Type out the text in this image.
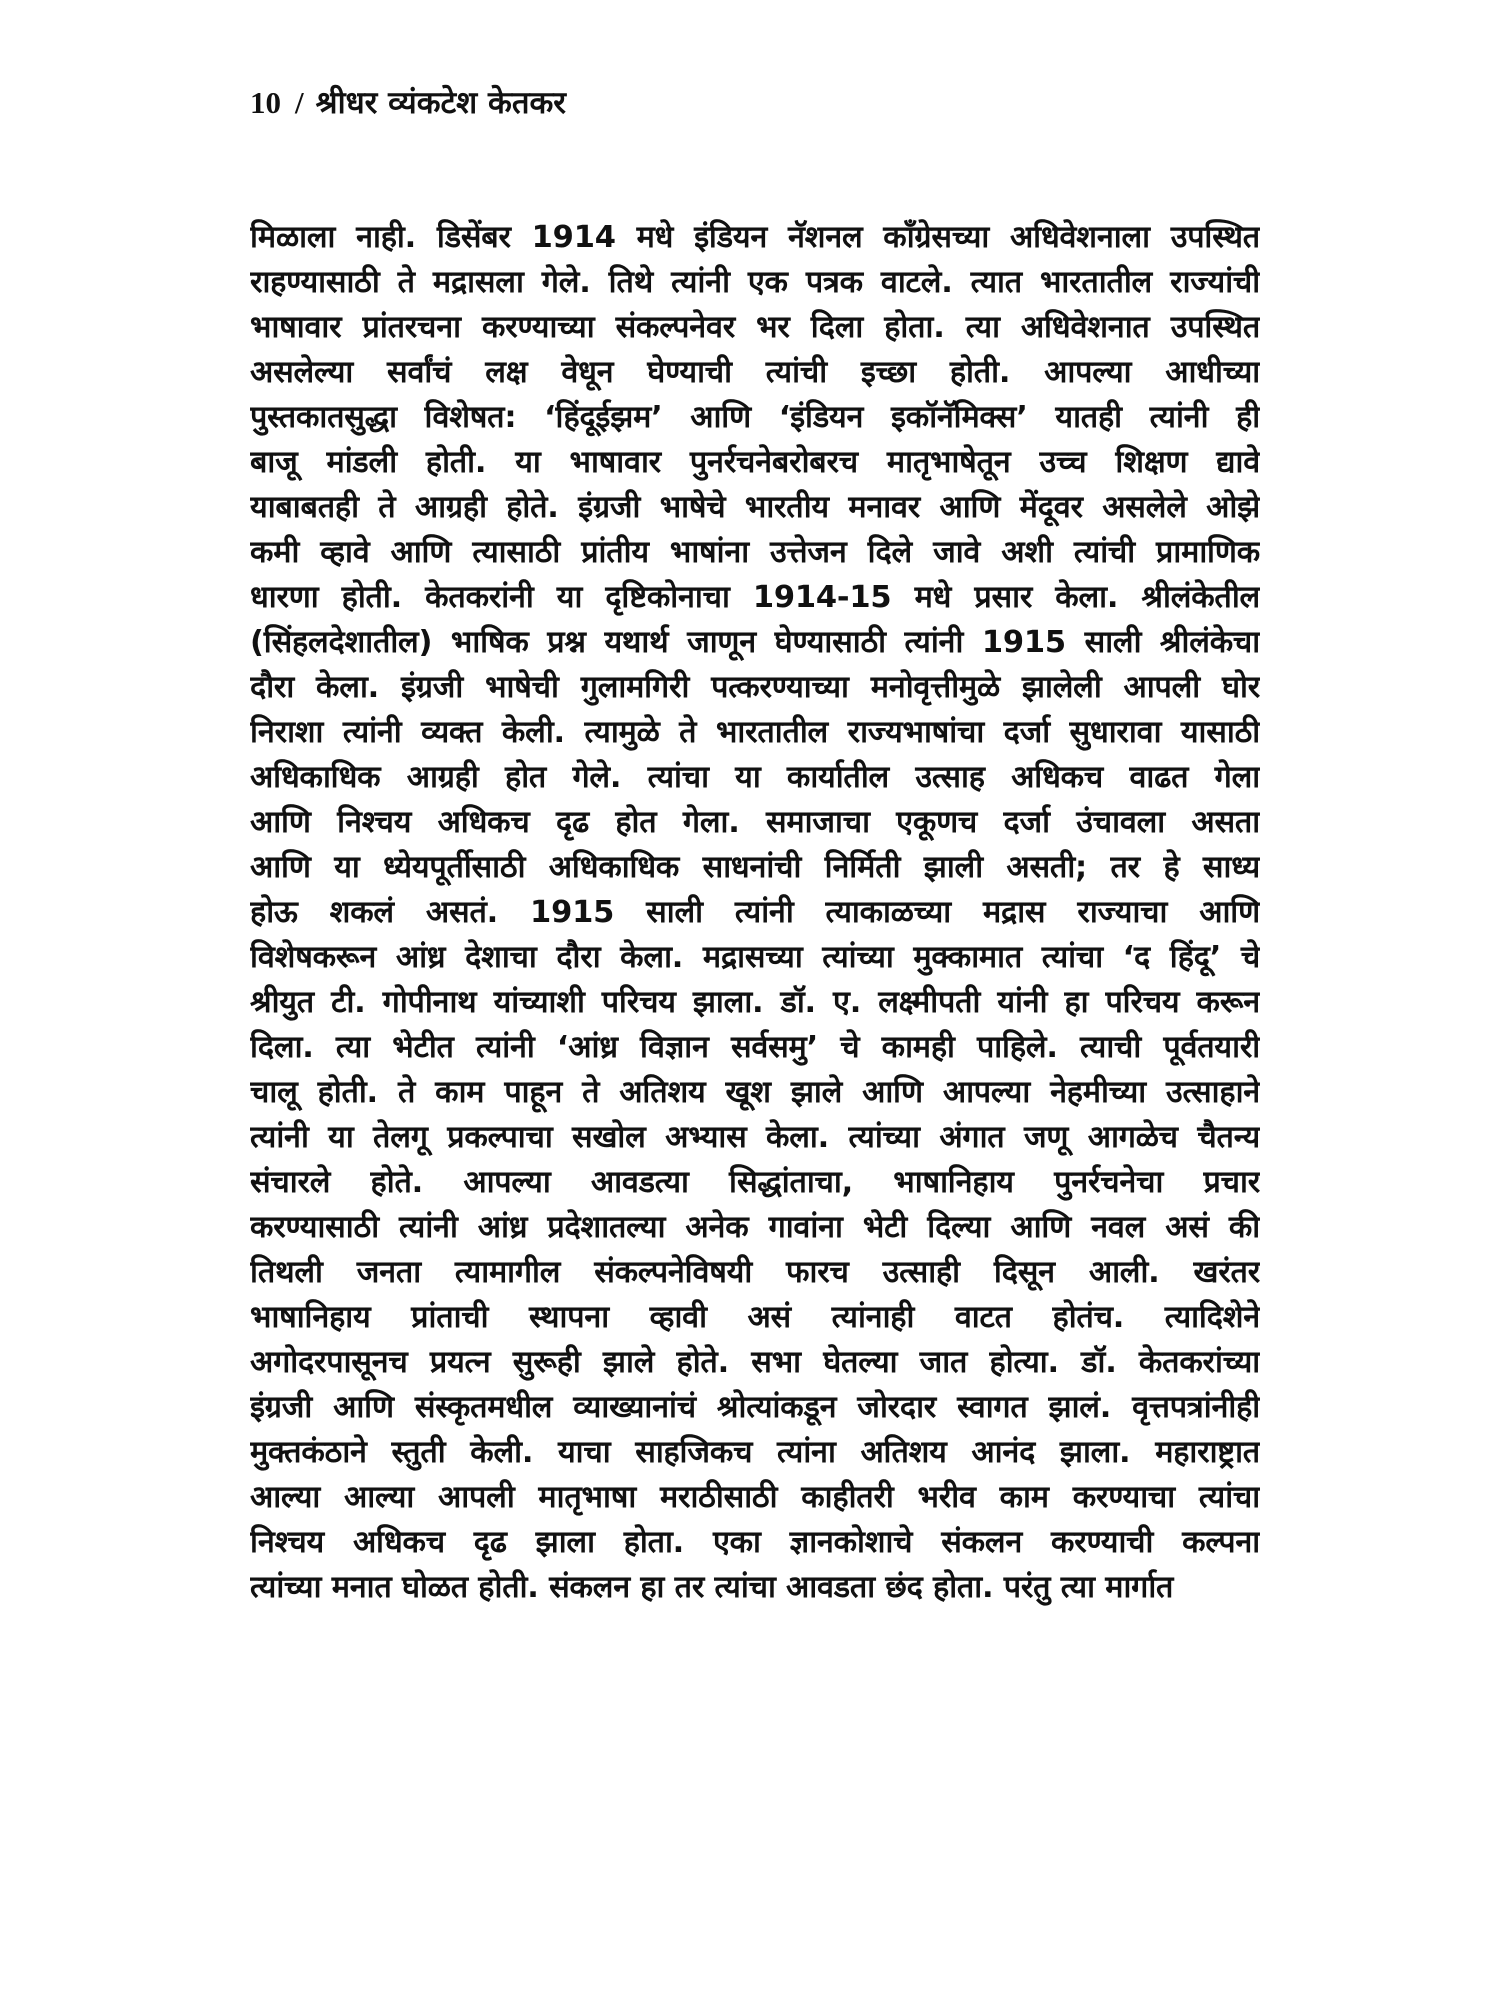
10 / श्रीधर व्यंकटेश केतकर
मिळाला नाही. डिसेंबर 1914 मधे इंडियन नॅशनल काँग्रेसच्या अधिवेशनाला उपस्थित
राहण्यासाठी ते मद्रासला गेले. तिथे त्यांनी एक पत्रक वाटले. त्यात भारतातील राज्यांची
भाषावार प्रांतरचना करण्याच्या संकल्पनेवर भर दिला होता. त्या अधिवेशनात उपस्थित
असलेल्या सर्वांचं लक्ष वेधून घेण्याची त्यांची इच्छा होती. आपल्या आधीच्या
पुस्तकातसुद्धा विशेषत: ‘हिंदूईझम’ आणि ‘इंडियन इकॉनॅमिक्स’ यातही त्यांनी ही
बाजू मांडली होती. या भाषावार पुनर्रचनेबरोबरच मातृभाषेतून उच्च शिक्षण द्यावे
याबाबतही ते आग्रही होते. इंग्रजी भाषेचे भारतीय मनावर आणि मेंदूवर असलेले ओझे
कमी व्हावे आणि त्यासाठी प्रांतीय भाषांना उत्तेजन दिले जावे अशी त्यांची प्रामाणिक
धारणा होती. केतकरांनी या दृष्टिकोनाचा 1914-15 मधे प्रसार केला. श्रीलंकेतील
(सिंहलदेशातील) भाषिक प्रश्न यथार्थ जाणून घेण्यासाठी त्यांनी 1915 साली श्रीलंकेचा
दौरा केला. इंग्रजी भाषेची गुलामगिरी पत्करण्याच्या मनोवृत्तीमुळे झालेली आपली घोर
निराशा त्यांनी व्यक्त केली. त्यामुळे ते भारतातील राज्यभाषांचा दर्जा सुधारावा यासाठी
अधिकाधिक आग्रही होत गेले. त्यांचा या कार्यातील उत्साह अधिकच वाढत गेला
आणि निश्चय अधिकच दृढ होत गेला. समाजाचा एकूणच दर्जा उंचावला असता
आणि या ध्येयपूर्तीसाठी अधिकाधिक साधनांची निर्मिती झाली असती; तर हे साध्य
होऊ शकलं असतं. 1915 साली त्यांनी त्याकाळच्या मद्रास राज्याचा आणि
विशेषकरून आंध्र देशाचा दौरा केला. मद्रासच्या त्यांच्या मुक्कामात त्यांचा ‘द हिंदू’ चे
श्रीयुत टी. गोपीनाथ यांच्याशी परिचय झाला. डॉ. ए. लक्ष्मीपती यांनी हा परिचय करून
दिला. त्या भेटीत त्यांनी ‘आंध्र विज्ञान सर्वसमु’ चे कामही पाहिले. त्याची पूर्वतयारी
चालू होती. ते काम पाहून ते अतिशय खूश झाले आणि आपल्या नेहमीच्या उत्साहाने
त्यांनी या तेलगू प्रकल्पाचा सखोल अभ्यास केला. त्यांच्या अंगात जणू आगळेच चैतन्य
संचारले होते. आपल्या आवडत्या सिद्धांताचा, भाषानिहाय पुनर्रचनेचा प्रचार
करण्यासाठी त्यांनी आंध्र प्रदेशातल्या अनेक गावांना भेटी दिल्या आणि नवल असं की
तिथली जनता त्यामागील संकल्पनेविषयी फारच उत्साही दिसून आली. खरंतर
भाषानिहाय प्रांताची स्थापना व्हावी असं त्यांनाही वाटत होतंच. त्यादिशेने
अगोदरपासूनच प्रयत्न सुरूही झाले होते. सभा घेतल्या जात होत्या. डॉ. केतकरांच्या
इंग्रजी आणि संस्कृतमधील व्याख्यानांचं श्रोत्यांकडून जोरदार स्वागत झालं. वृत्तपत्रांनीही
मुक्तकंठाने स्तुती केली. याचा साहजिकच त्यांना अतिशय आनंद झाला. महाराष्ट्रात
आल्या आल्या आपली मातृभाषा मराठीसाठी काहीतरी भरीव काम करण्याचा त्यांचा
निश्चय अधिकच दृढ झाला होता. एका ज्ञानकोशाचे संकलन करण्याची कल्पना
त्यांच्या मनात घोळत होती. संकलन हा तर त्यांचा आवडता छंद होता. परंतु त्या मार्गात
